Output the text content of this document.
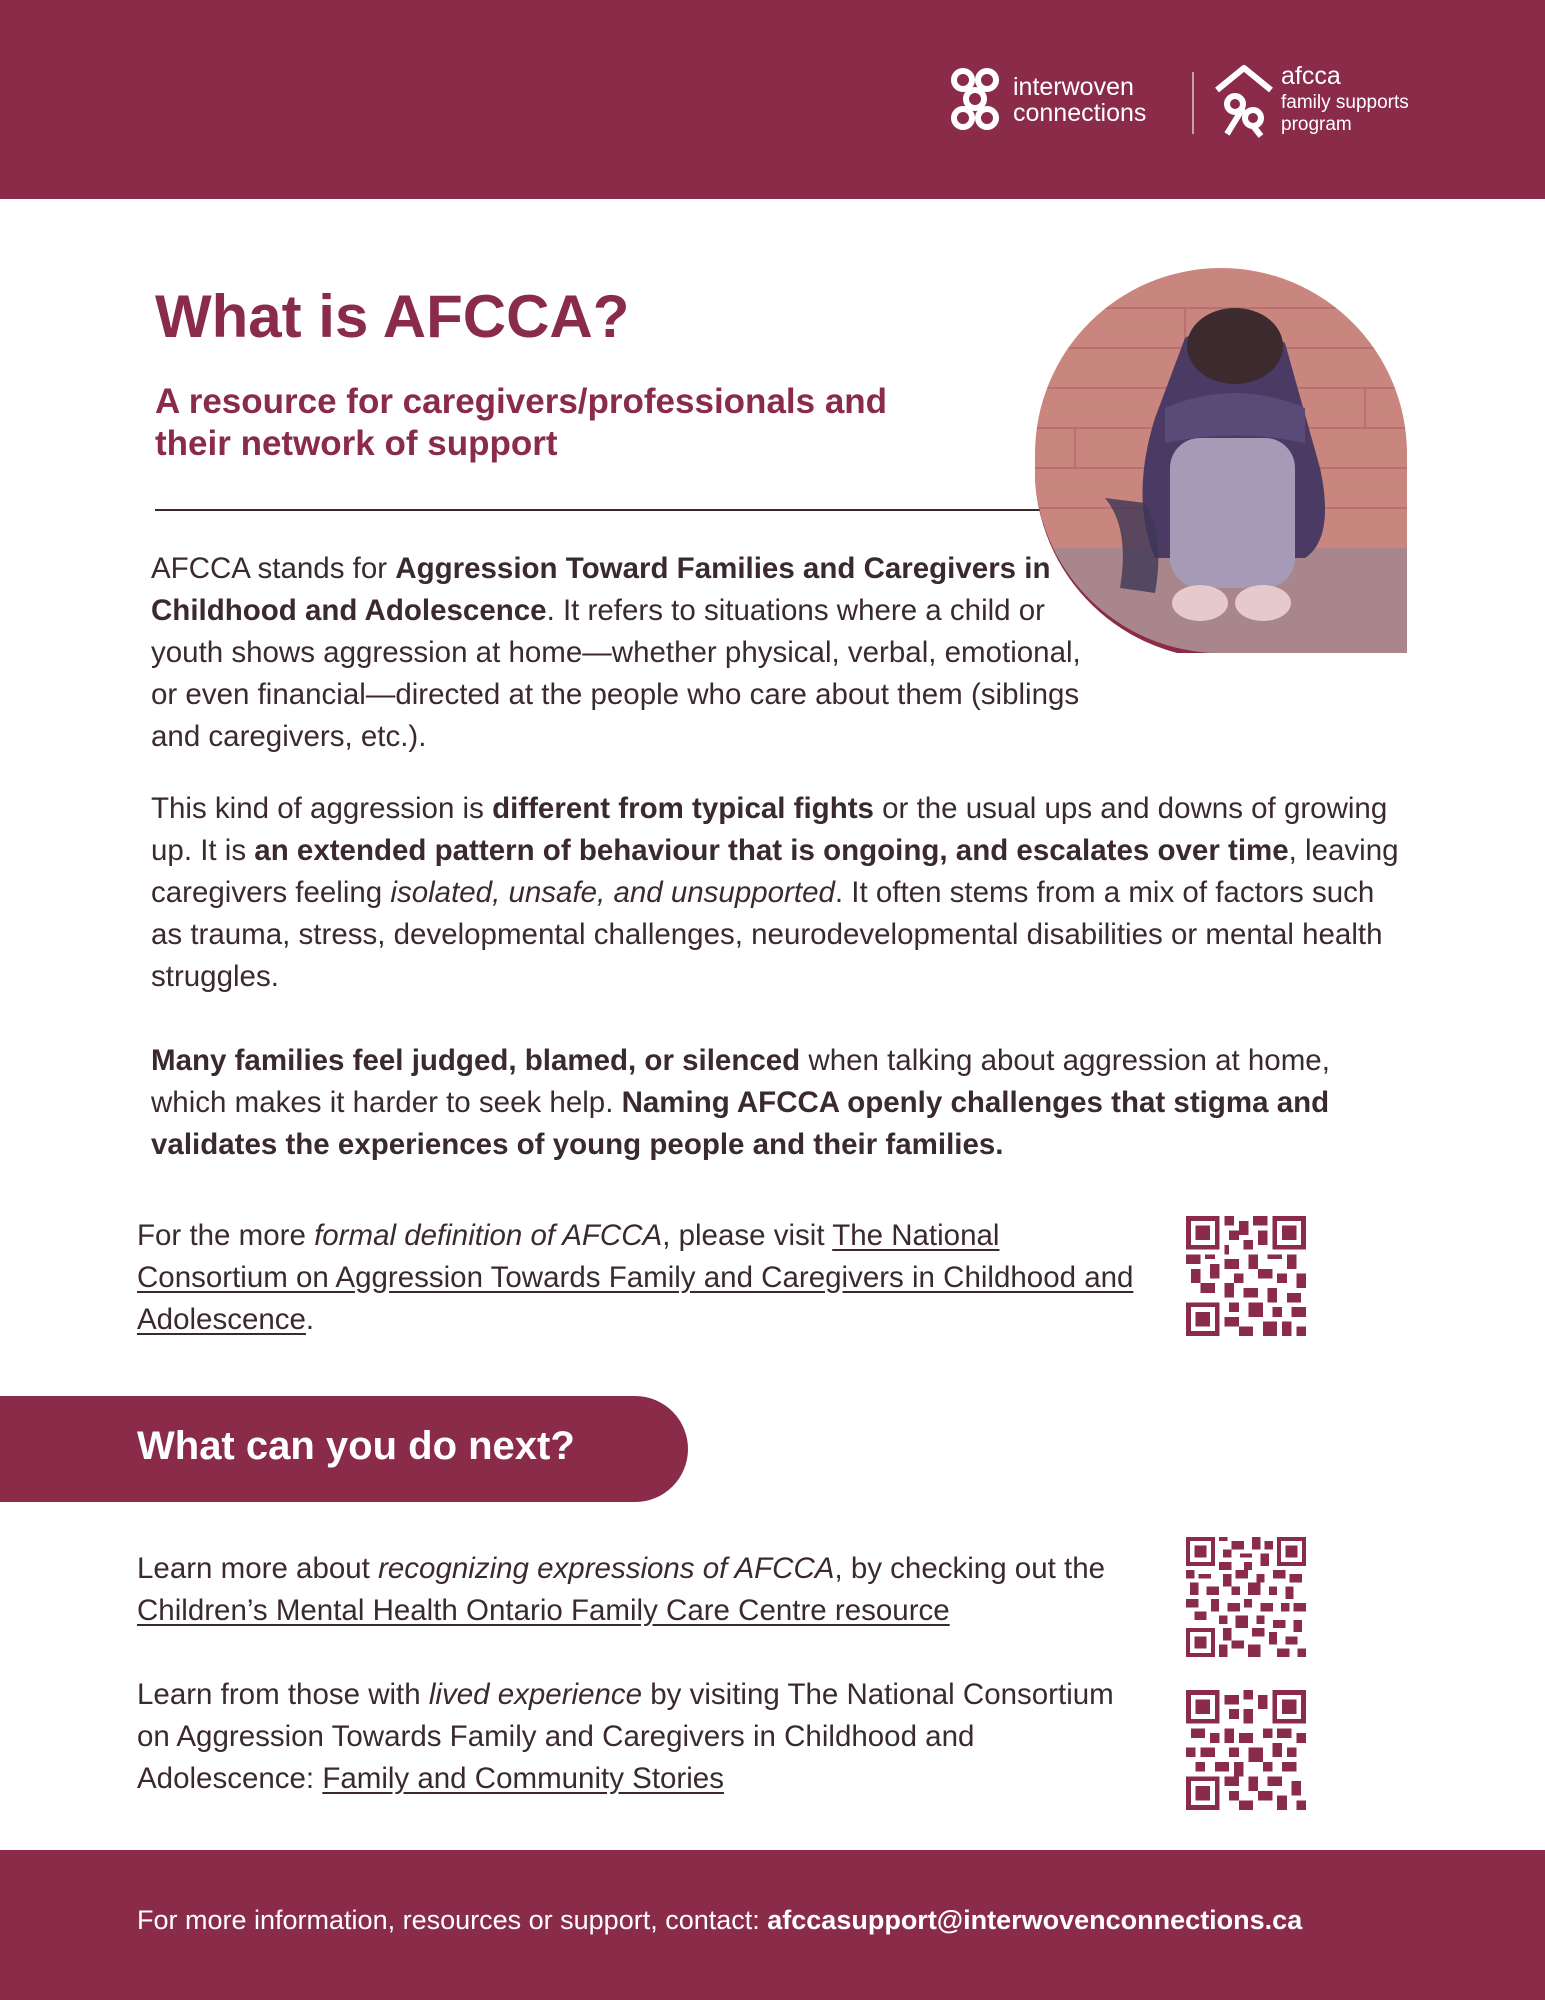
interwoven
connections
afcca
family supports
program
What is AFCCA?
A resource for caregivers/professionals and
their network of support

AFCCA stands for Aggression Toward Families and Caregivers in Childhood and Adolescence. It refers to situations where a child or youth shows aggression at home—whether physical, verbal, emotional, or even financial—directed at the people who care about them (siblings and caregivers, etc.).

This kind of aggression is different from typical fights or the usual ups and downs of growing up. It is an extended pattern of behaviour that is ongoing, and escalates over time, leaving caregivers feeling isolated, unsafe, and unsupported. It often stems from a mix of factors such as trauma, stress, developmental challenges, neurodevelopmental disabilities or mental health struggles.

Many families feel judged, blamed, or silenced when talking about aggression at home, which makes it harder to seek help. Naming AFCCA openly challenges that stigma and validates the experiences of young people and their families.

For the more formal definition of AFCCA, please visit The National Consortium on Aggression Towards Family and Caregivers in Childhood and Adolescence.

What can you do next?

Learn more about recognizing expressions of AFCCA, by checking out the Children’s Mental Health Ontario Family Care Centre resource

Learn from those with lived experience by visiting The National Consortium on Aggression Towards Family and Caregivers in Childhood and Adolescence: Family and Community Stories

For more information, resources or support, contact: afccasupport@interwovenconnections.ca
